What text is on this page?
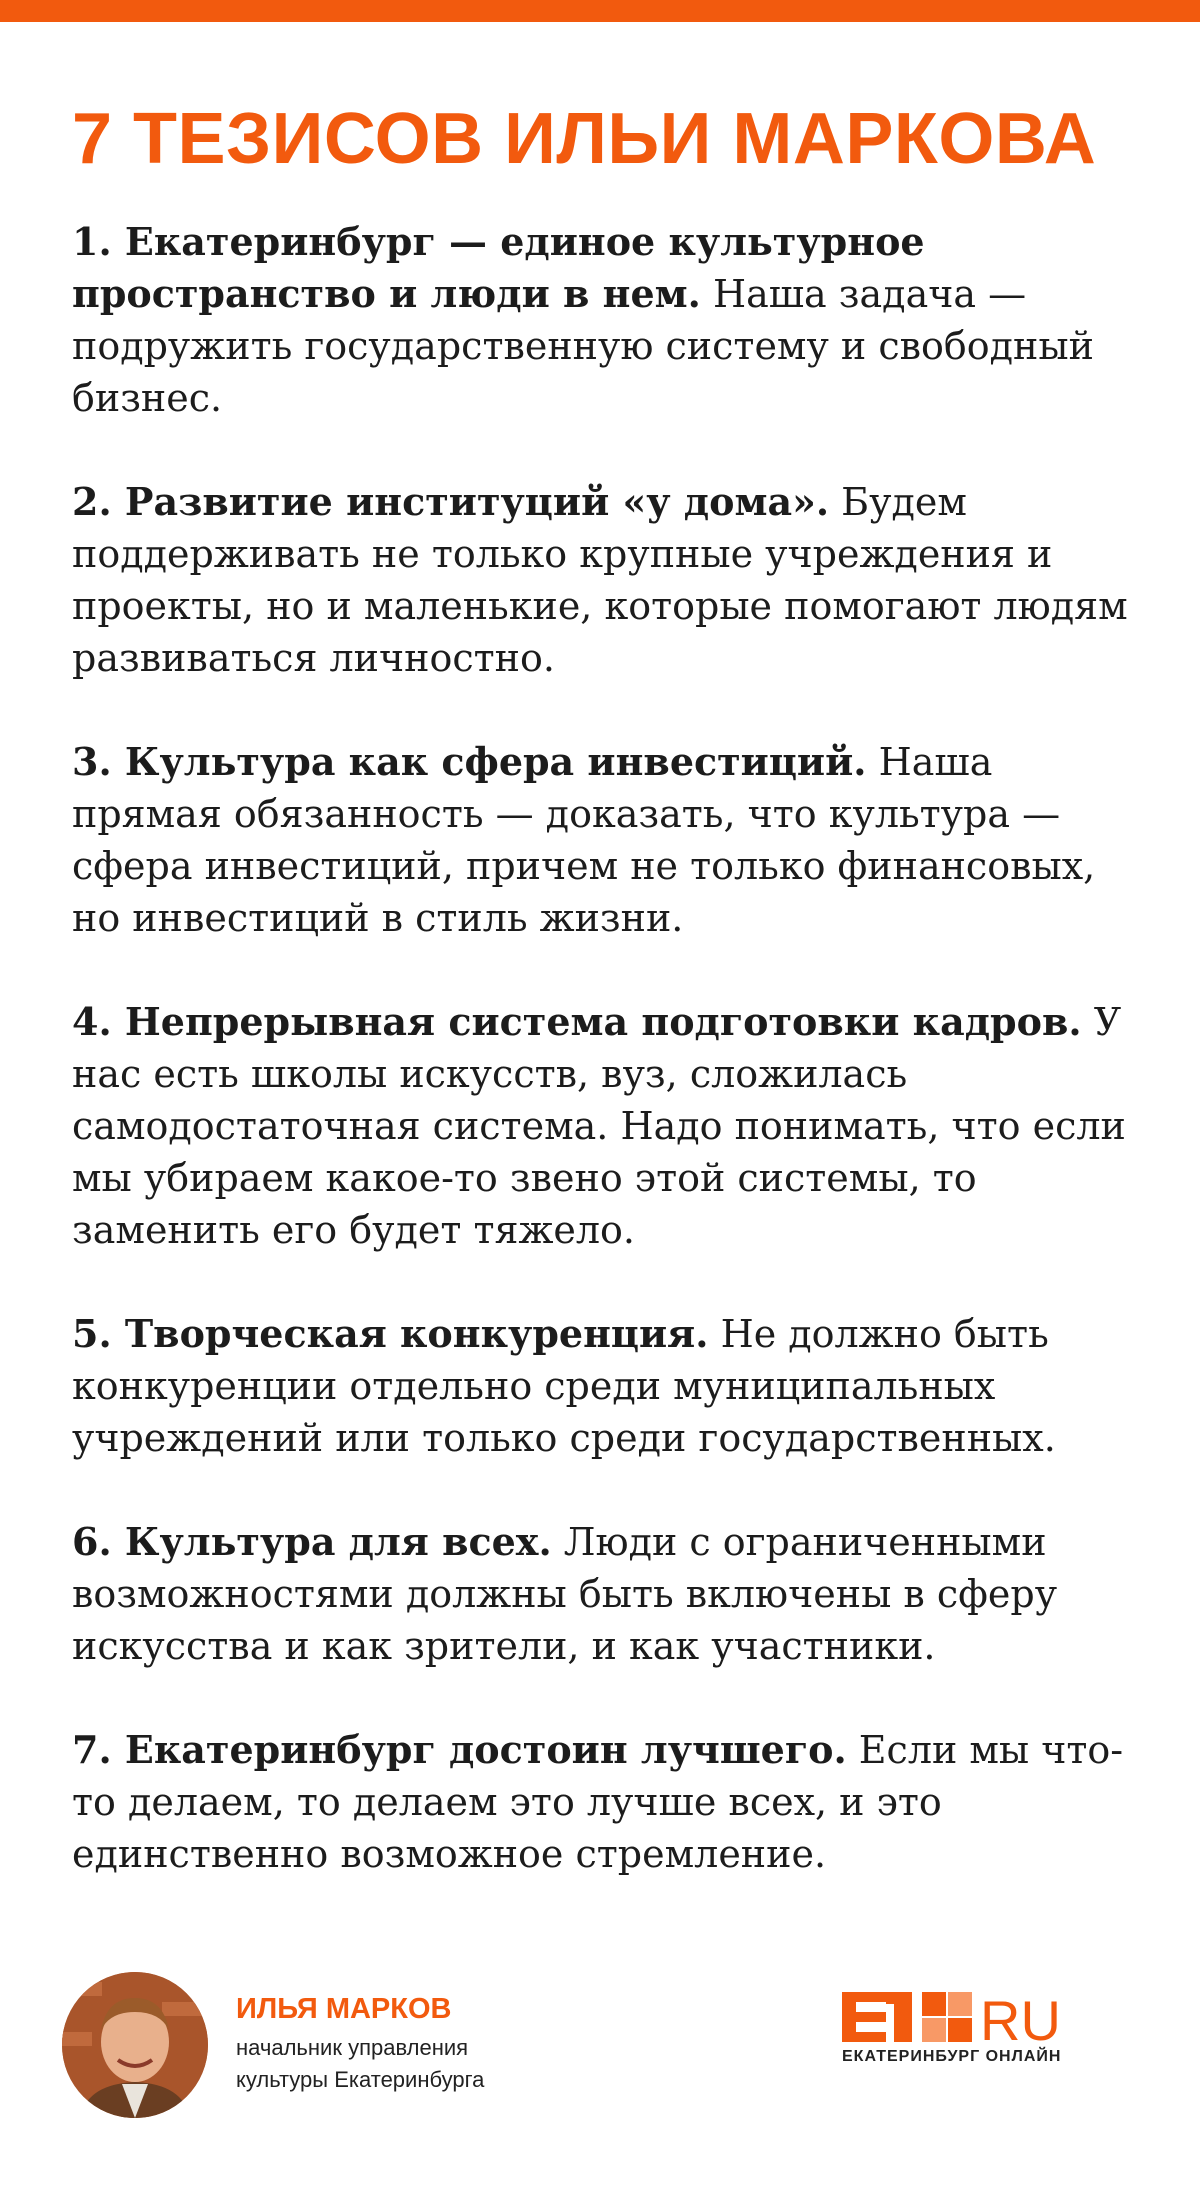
7 ТЕЗИСОВ ИЛЬИ МАРКОВА

1. Екатеринбург — единое культурное пространство и люди в нем. Наша задача — подружить государственную систему и свободный бизнес.

2. Развитие институций «у дома». Будем поддерживать не только крупные учреждения и проекты, но и маленькие, которые помогают людям развиваться личностно.

3. Культура как сфера инвестиций. Наша прямая обязанность — доказать, что культура — сфера инвестиций, причем не только финансовых, но инвестиций в стиль жизни.

4. Непрерывная система подготовки кадров. У нас есть школы искусств, вуз, сложилась самодостаточная система. Надо понимать, что если мы убираем какое-то звено этой системы, то заменить его будет тяжело.

5. Творческая конкуренция. Не должно быть конкуренции отдельно среди муниципальных учреждений или только среди государственных.

6. Культура для всех. Люди с ограниченными возможностями должны быть включены в сферу искусства и как зрители, и как участники.

7. Екатеринбург достоин лучшего. Если мы что-то делаем, то делаем это лучше всех, и это единственно возможное стремление.

ИЛЬЯ МАРКОВ
начальник управления
культуры Екатеринбурга
RU
ЕКАТЕРИНБУРГ ОНЛАЙН
